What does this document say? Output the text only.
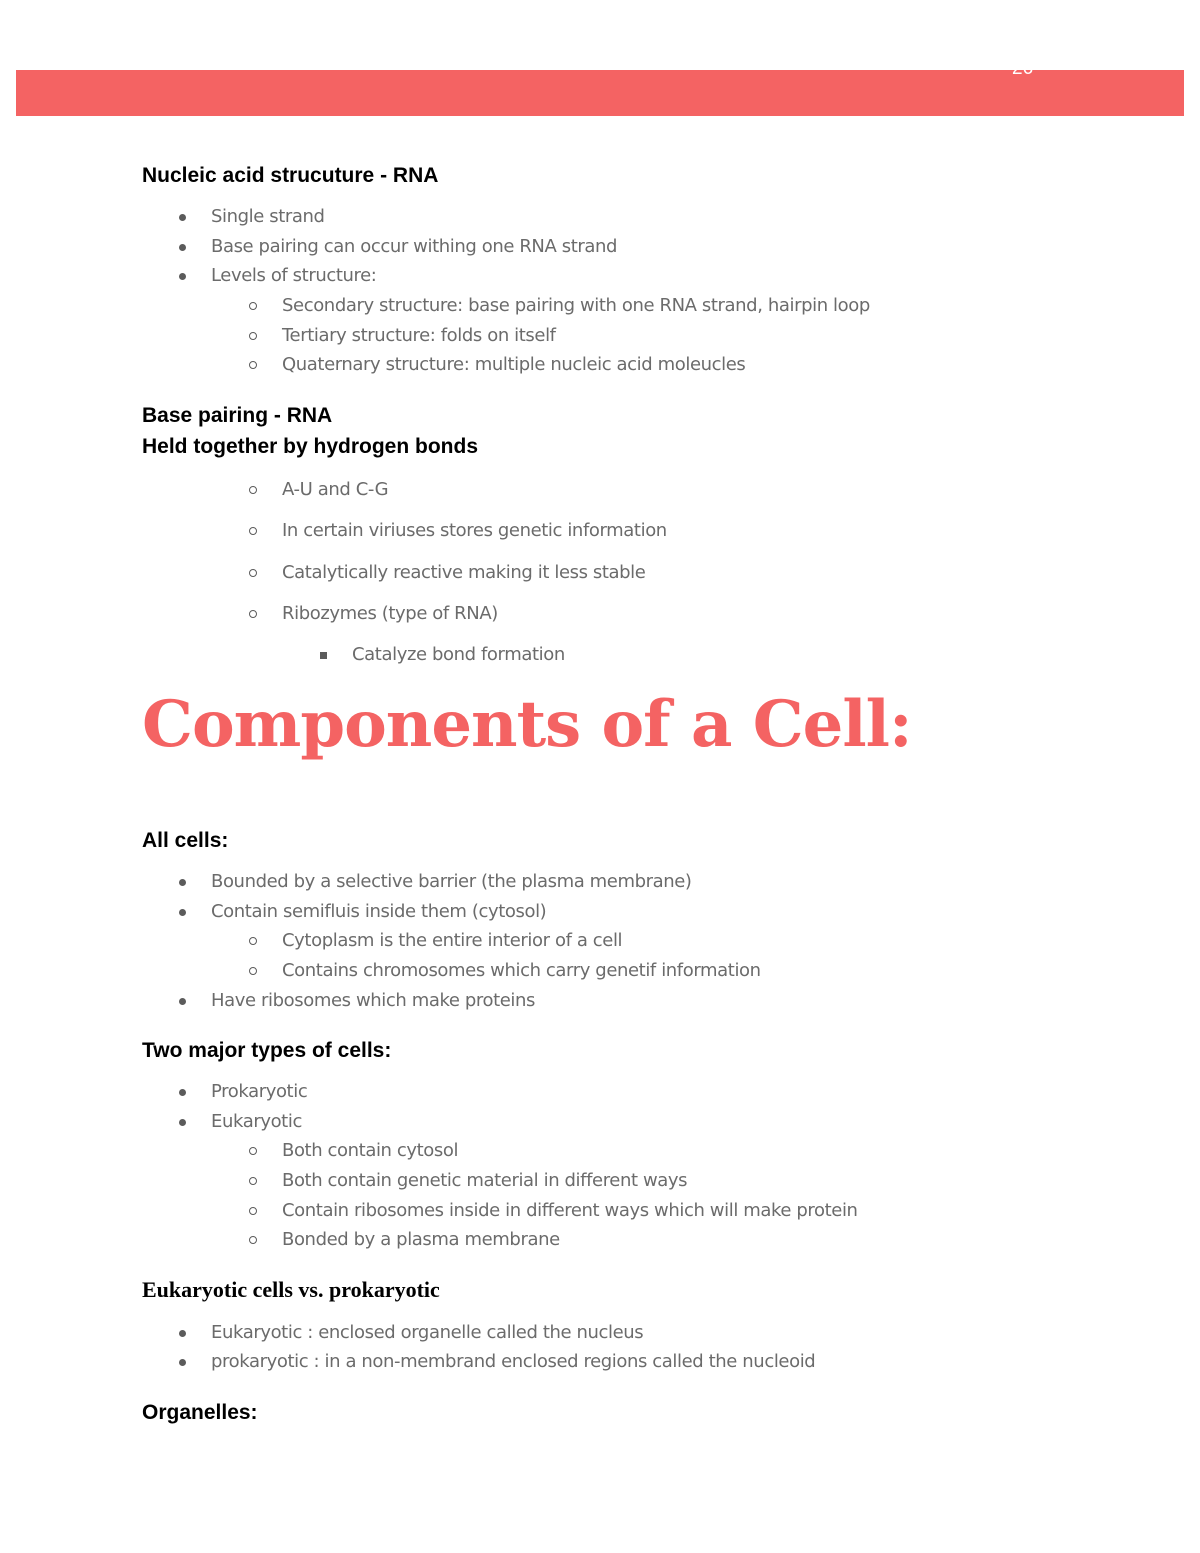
26
Nucleic acid strucuture - RNA
Single strand
Base pairing can occur withing one RNA strand
Levels of structure:
Secondary structure: base pairing with one RNA strand, hairpin loop
Tertiary structure: folds on itself
Quaternary structure: multiple nucleic acid moleucles
Base pairing - RNA
Held together by hydrogen bonds
A-U and C-G
In certain viriuses stores genetic information
Catalytically reactive making it less stable
Ribozymes (type of RNA)
Catalyze bond formation
Components of a Cell:
All cells:
Bounded by a selective barrier (the plasma membrane)
Contain semifluis inside them (cytosol)
Cytoplasm is the entire interior of a cell
Contains chromosomes which carry genetif information
Have ribosomes which make proteins
Two major types of cells:
Prokaryotic
Eukaryotic
Both contain cytosol
Both contain genetic material in different ways
Contain ribosomes inside in different ways which will make protein
Bonded by a plasma membrane
Eukaryotic cells vs. prokaryotic
Eukaryotic : enclosed organelle called the nucleus
prokaryotic : in a non-membrand enclosed regions called the nucleoid
Organelles:
